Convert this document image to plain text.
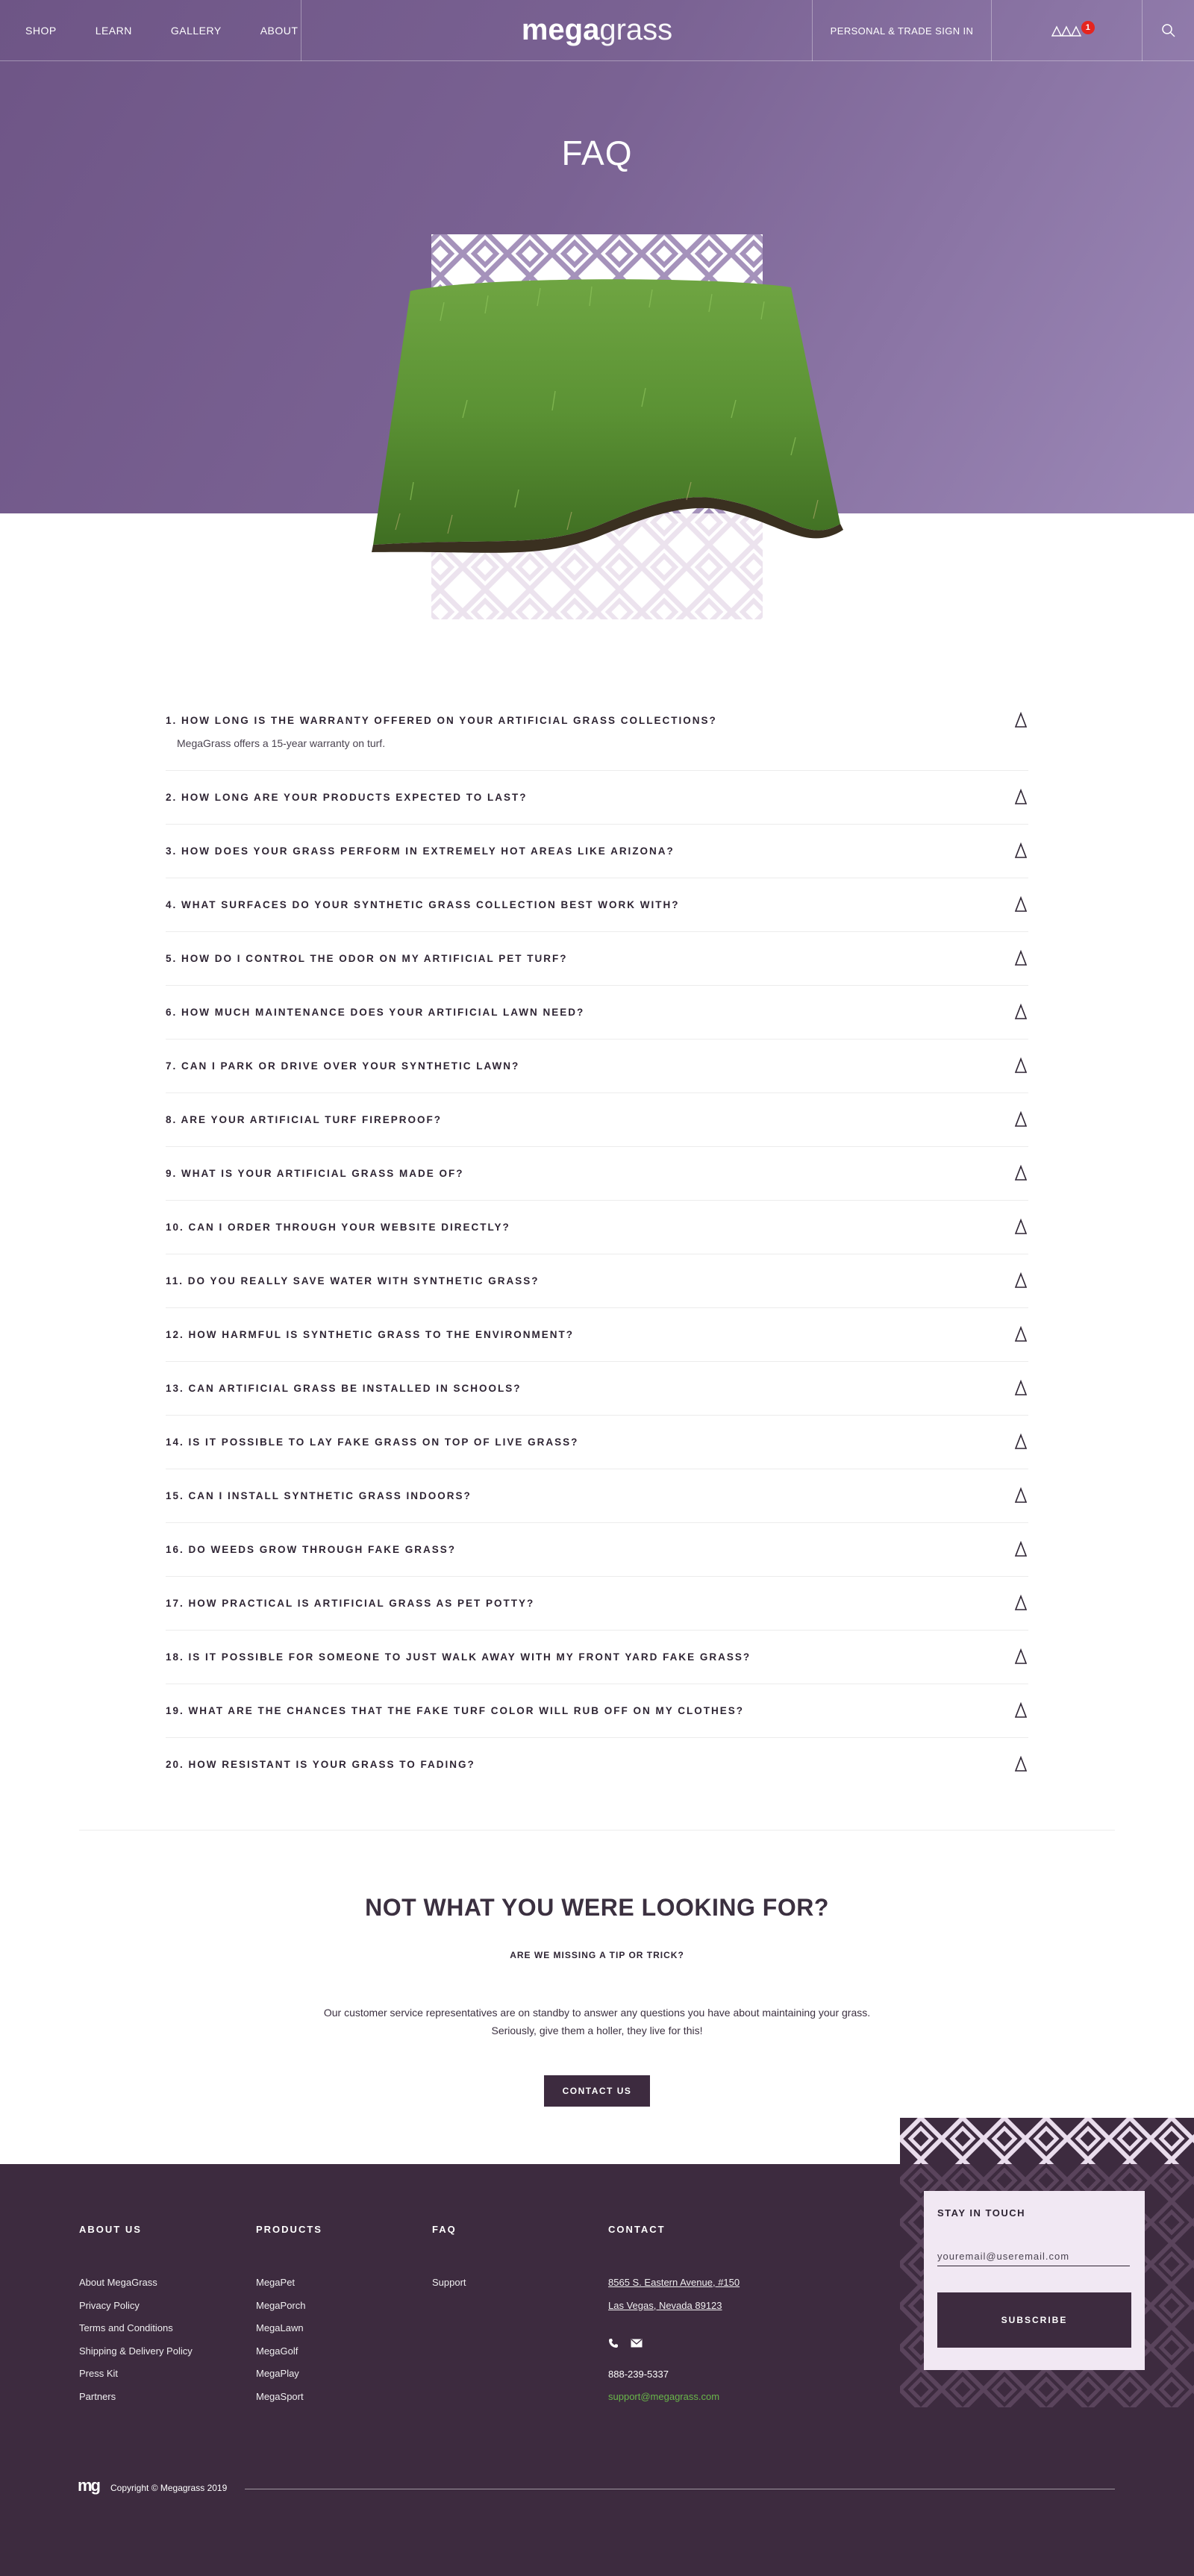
FAQ
SHOP	LEARN	GALLERY	ABOUT	megagrass	PERSONAL & TRADE SIGN IN	1
1. HOW LONG IS THE WARRANTY OFFERED ON YOUR ARTIFICIAL GRASS COLLECTIONS?

MegaGrass offers a 15-year warranty on turf.

2. HOW LONG ARE YOUR PRODUCTS EXPECTED TO LAST?
3. HOW DOES YOUR GRASS PERFORM IN EXTREMELY HOT AREAS LIKE ARIZONA?
4. WHAT SURFACES DO YOUR SYNTHETIC GRASS COLLECTION BEST WORK WITH?
5. HOW DO I CONTROL THE ODOR ON MY ARTIFICIAL PET TURF?
6. HOW MUCH MAINTENANCE DOES YOUR ARTIFICIAL LAWN NEED?
7. CAN I PARK OR DRIVE OVER YOUR SYNTHETIC LAWN?
8. ARE YOUR ARTIFICIAL TURF FIREPROOF?
9. WHAT IS YOUR ARTIFICIAL GRASS MADE OF?
10. CAN I ORDER THROUGH YOUR WEBSITE DIRECTLY?
11. DO YOU REALLY SAVE WATER WITH SYNTHETIC GRASS?
12. HOW HARMFUL IS SYNTHETIC GRASS TO THE ENVIRONMENT?
13. CAN ARTIFICIAL GRASS BE INSTALLED IN SCHOOLS?
14. IS IT POSSIBLE TO LAY FAKE GRASS ON TOP OF LIVE GRASS?
15. CAN I INSTALL SYNTHETIC GRASS INDOORS?
16. DO WEEDS GROW THROUGH FAKE GRASS?
17. HOW PRACTICAL IS ARTIFICIAL GRASS AS PET POTTY?
18. IS IT POSSIBLE FOR SOMEONE TO JUST WALK AWAY WITH MY FRONT YARD FAKE GRASS?
19. WHAT ARE THE CHANCES THAT THE FAKE TURF COLOR WILL RUB OFF ON MY CLOTHES?
20. HOW RESISTANT IS YOUR GRASS TO FADING?
NOT WHAT YOU WERE LOOKING FOR?

ARE WE MISSING A TIP OR TRICK?

Our customer service representatives are on standby to answer any questions you have about maintaining your grass.
Seriously, give them a holler, they live for this!
CONTACT US
ABOUT US
About MegaGrass
Privacy Policy
Terms and Conditions
Shipping & Delivery Policy
Press Kit
Partners
PRODUCTS
MegaPet
MegaPorch
MegaLawn
MegaGolf
MegaPlay
MegaSport
FAQ
Support
CONTACT
8565 S. Eastern Avenue, #150
Las Vegas, Nevada 89123
888-239-5337
support@megagrass.com
mg Copyright © Megagrass 2019
STAY IN TOUCH
youremail@useremail.com
SUBSCRIBE
